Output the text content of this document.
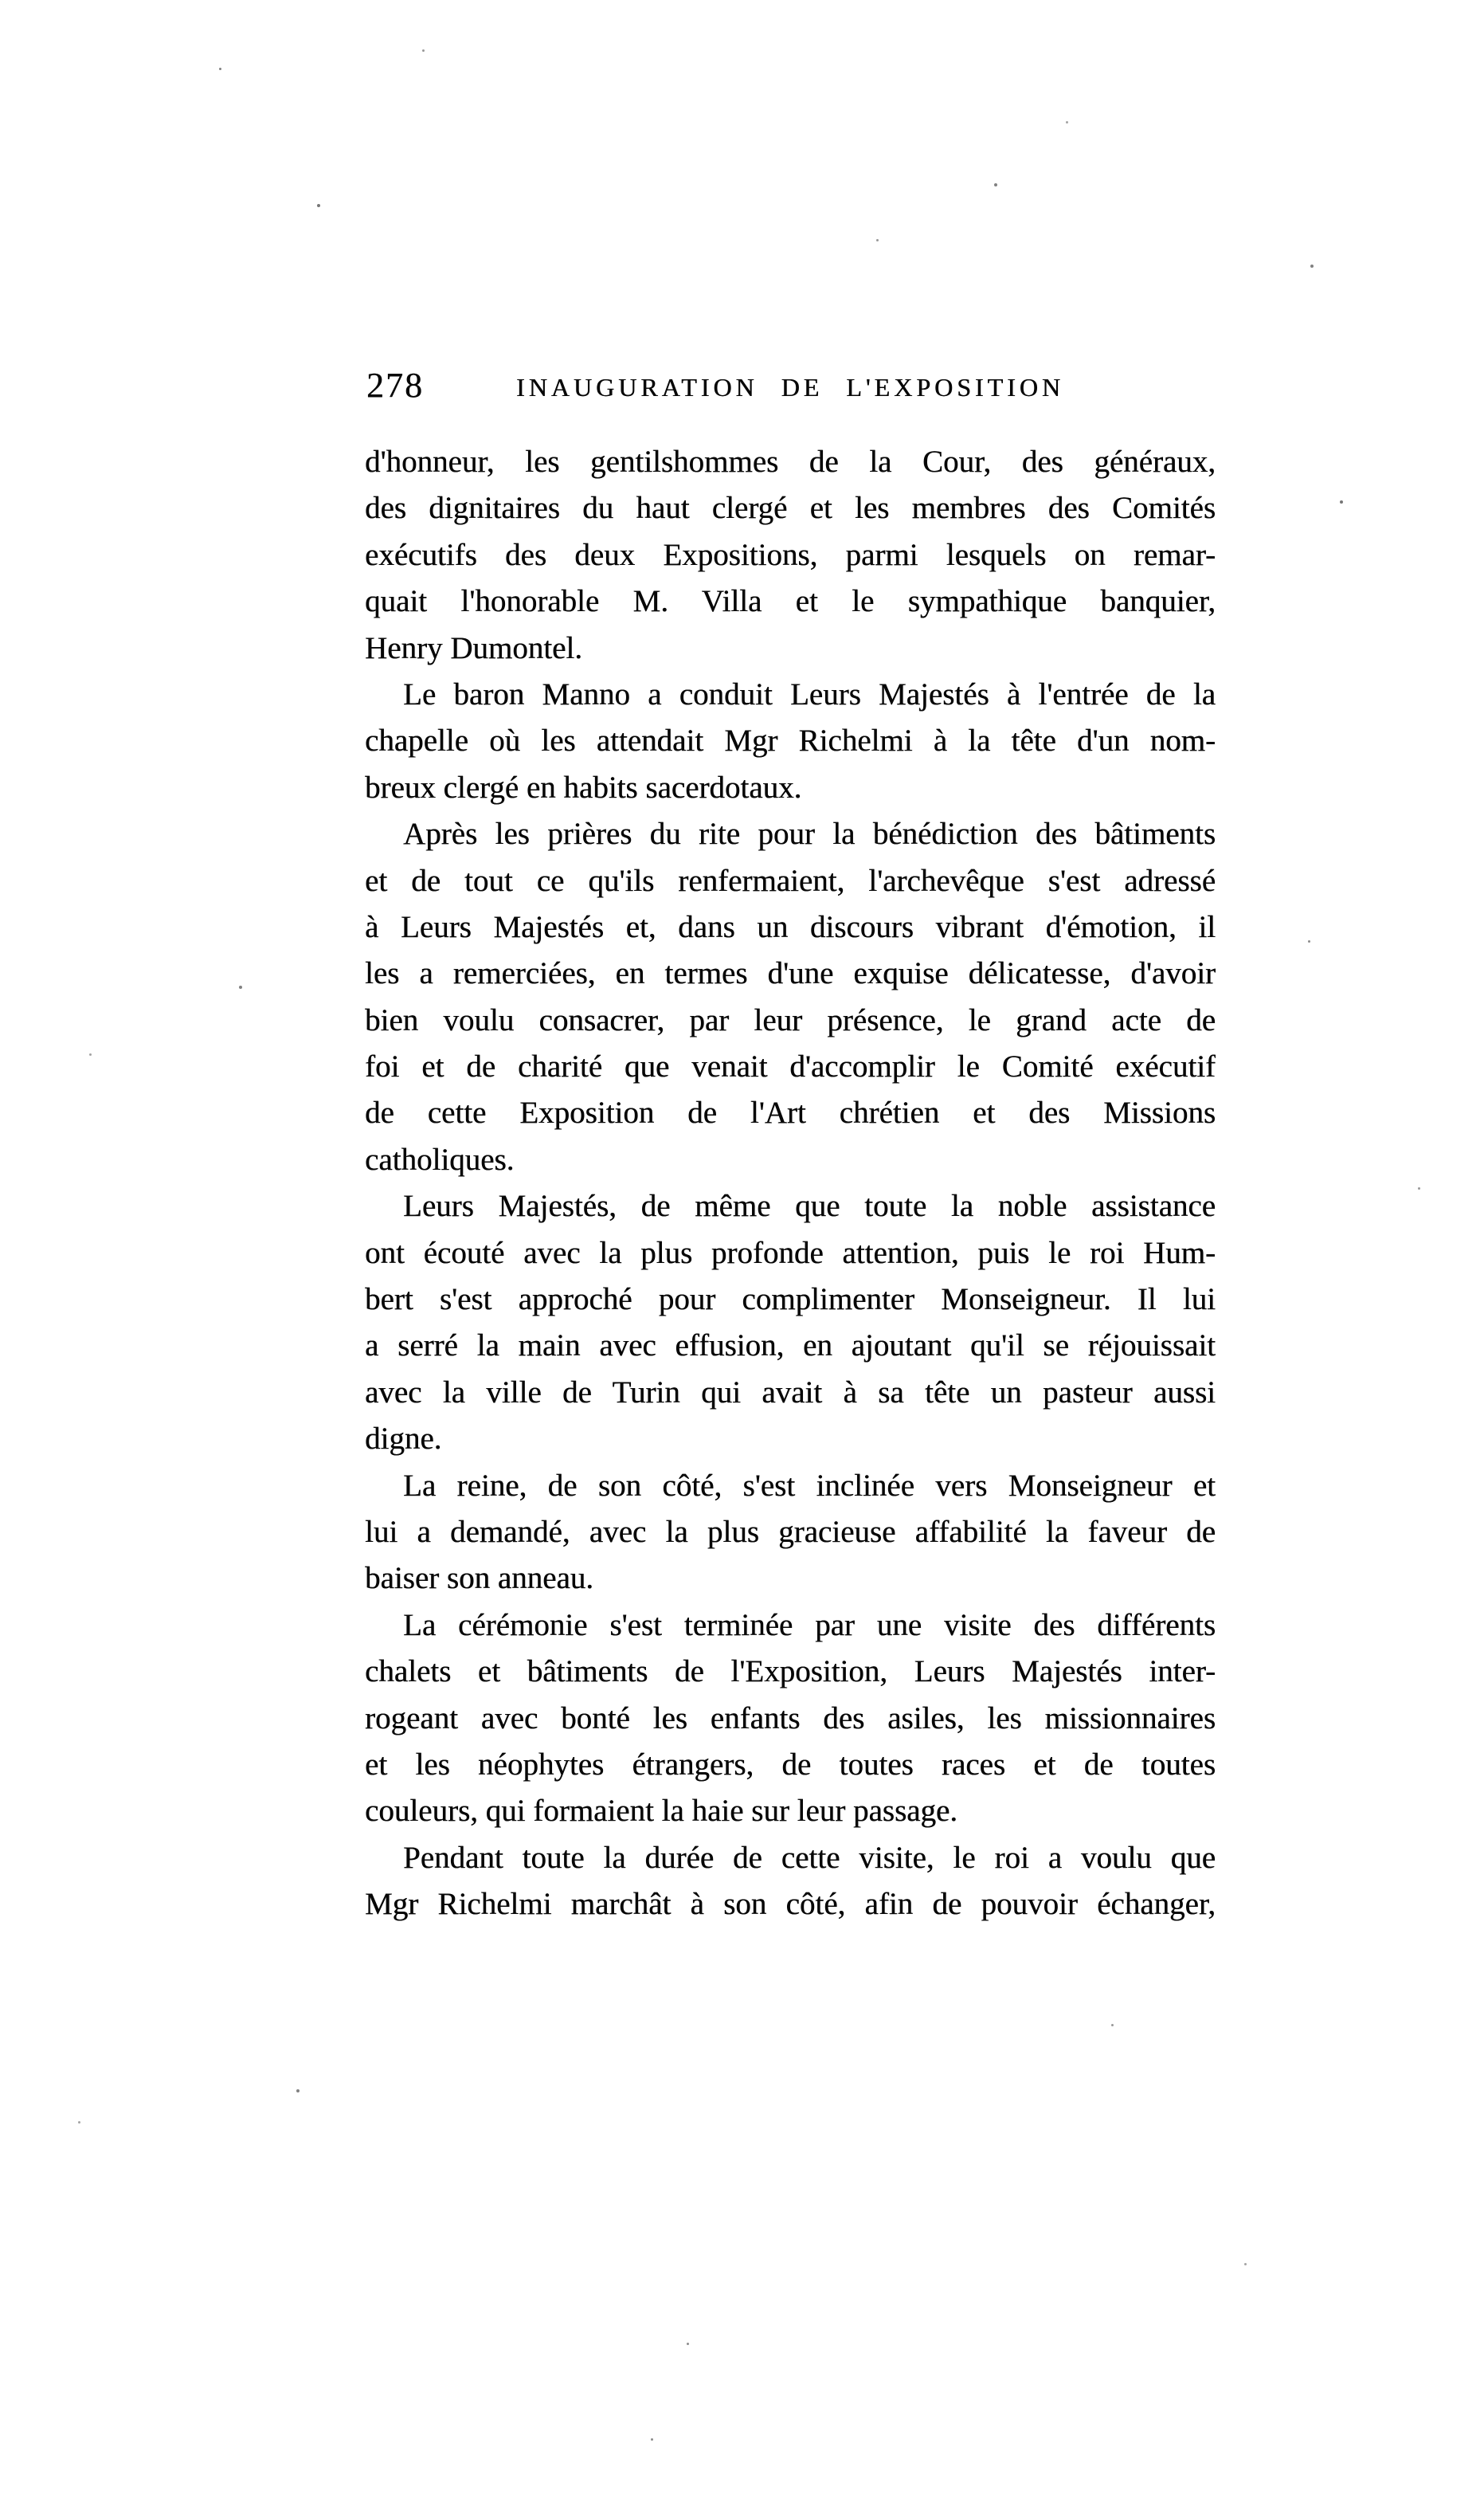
278	INAUGURATION DE L'EXPOSITION
d'honneur, les gentilshommes de la Cour, des généraux,
des dignitaires du haut clergé et les membres des Comités
exécutifs des deux Expositions, parmi lesquels on remar-
quait l'honorable M. Villa et le sympathique banquier,
Henry Dumontel.
Le baron Manno a conduit Leurs Majestés à l'entrée de la
chapelle où les attendait Mgr Richelmi à la tête d'un nom-
breux clergé en habits sacerdotaux.
Après les prières du rite pour la bénédiction des bâtiments
et de tout ce qu'ils renfermaient, l'archevêque s'est adressé
à Leurs Majestés et, dans un discours vibrant d'émotion, il
les a remerciées, en termes d'une exquise délicatesse, d'avoir
bien voulu consacrer, par leur présence, le grand acte de
foi et de charité que venait d'accomplir le Comité exécutif
de cette Exposition de l'Art chrétien et des Missions
catholiques.
Leurs Majestés, de même que toute la noble assistance
ont écouté avec la plus profonde attention, puis le roi Hum-
bert s'est approché pour complimenter Monseigneur. Il lui
a serré la main avec effusion, en ajoutant qu'il se réjouissait
avec la ville de Turin qui avait à sa tête un pasteur aussi
digne.
La reine, de son côté, s'est inclinée vers Monseigneur et
lui a demandé, avec la plus gracieuse affabilité la faveur de
baiser son anneau.
La cérémonie s'est terminée par une visite des différents
chalets et bâtiments de l'Exposition, Leurs Majestés inter-
rogeant avec bonté les enfants des asiles, les missionnaires
et les néophytes étrangers, de toutes races et de toutes
couleurs, qui formaient la haie sur leur passage.
Pendant toute la durée de cette visite, le roi a voulu que
Mgr Richelmi marchât à son côté, afin de pouvoir échanger,
